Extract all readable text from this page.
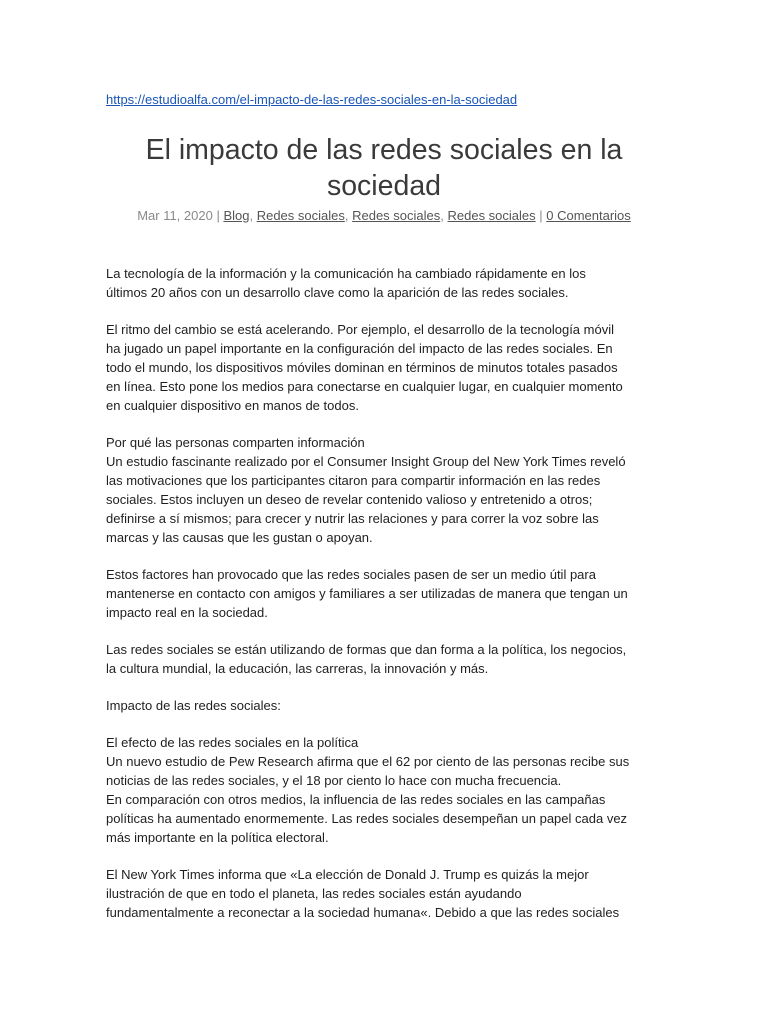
https://estudioalfa.com/el-impacto-de-las-redes-sociales-en-la-sociedad
El impacto de las redes sociales en la
sociedad
Mar 11, 2020 | Blog, Redes sociales, Redes sociales, Redes sociales | 0 Comentarios

La tecnología de la información y la comunicación ha cambiado rápidamente en los
últimos 20 años con un desarrollo clave como la aparición de las redes sociales.

El ritmo del cambio se está acelerando. Por ejemplo, el desarrollo de la tecnología móvil
ha jugado un papel importante en la configuración del impacto de las redes sociales. En
todo el mundo, los dispositivos móviles dominan en términos de minutos totales pasados
en línea. Esto pone los medios para conectarse en cualquier lugar, en cualquier momento
en cualquier dispositivo en manos de todos.

Por qué las personas comparten información
Un estudio fascinante realizado por el Consumer Insight Group del New York Times reveló
las motivaciones que los participantes citaron para compartir información en las redes
sociales. Estos incluyen un deseo de revelar contenido valioso y entretenido a otros;
definirse a sí mismos; para crecer y nutrir las relaciones y para correr la voz sobre las
marcas y las causas que les gustan o apoyan.

Estos factores han provocado que las redes sociales pasen de ser un medio útil para
mantenerse en contacto con amigos y familiares a ser utilizadas de manera que tengan un
impacto real en la sociedad.

Las redes sociales se están utilizando de formas que dan forma a la política, los negocios,
la cultura mundial, la educación, las carreras, la innovación y más.

Impacto de las redes sociales:

El efecto de las redes sociales en la política
Un nuevo estudio de Pew Research afirma que el 62 por ciento de las personas recibe sus
noticias de las redes sociales, y el 18 por ciento lo hace con mucha frecuencia.
En comparación con otros medios, la influencia de las redes sociales en las campañas
políticas ha aumentado enormemente. Las redes sociales desempeñan un papel cada vez
más importante en la política electoral.

El New York Times informa que «La elección de Donald J. Trump es quizás la mejor
ilustración de que en todo el planeta, las redes sociales están ayudando
fundamentalmente a reconectar a la sociedad humana«. Debido a que las redes sociales
